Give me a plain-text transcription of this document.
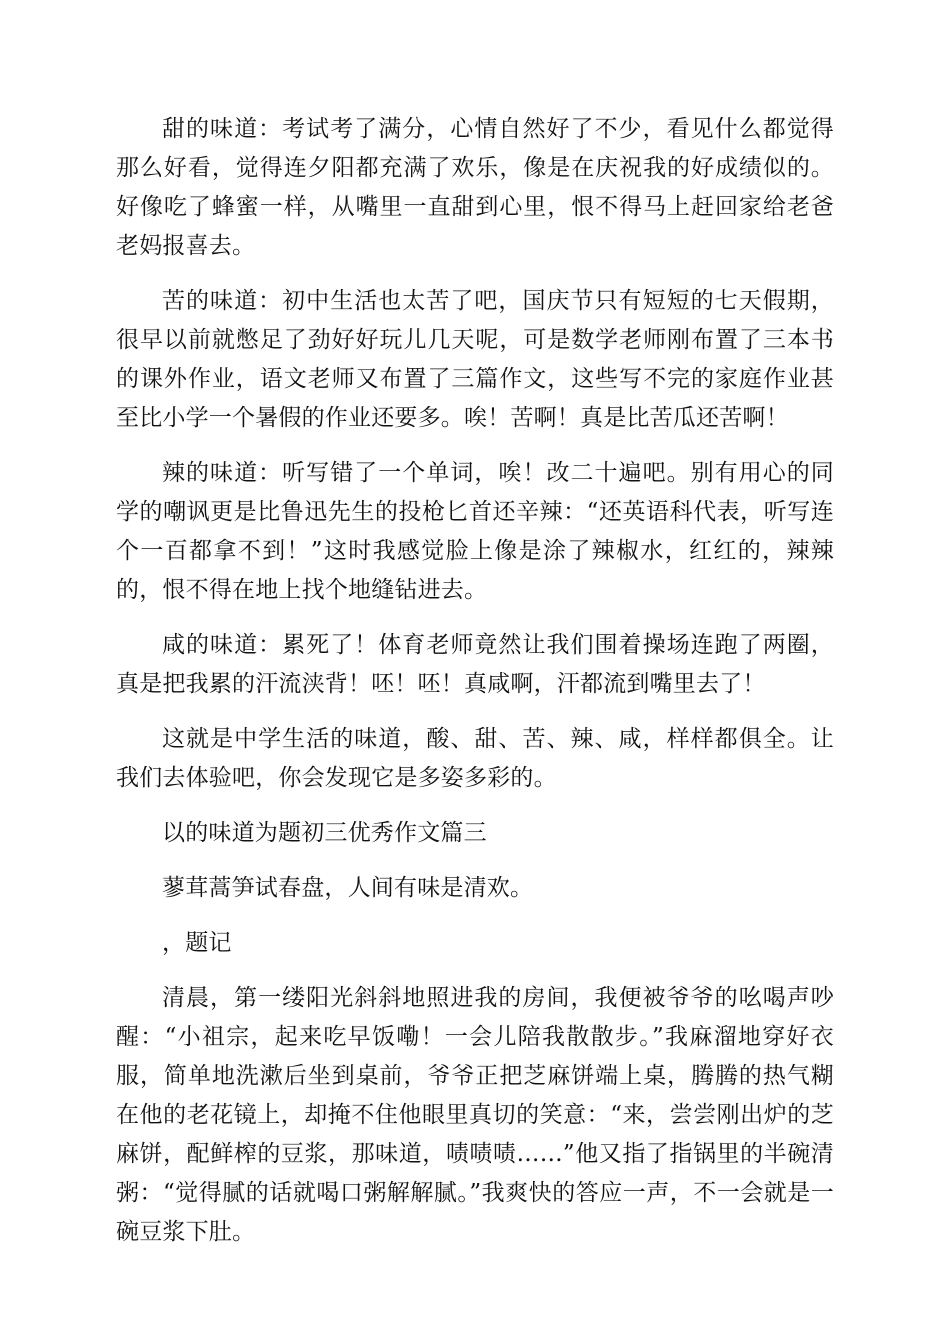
甜的味道：考试考了满分，心情自然好了不少，看见什么都觉得那么好看，觉得连夕阳都充满了欢乐，像是在庆祝我的好成绩似的。好像吃了蜂蜜一样，从嘴里一直甜到心里，恨不得马上赶回家给老爸老妈报喜去。

苦的味道：初中生活也太苦了吧，国庆节只有短短的七天假期，很早以前就憋足了劲好好玩儿几天呢，可是数学老师刚布置了三本书的课外作业，语文老师又布置了三篇作文，这些写不完的家庭作业甚至比小学一个暑假的作业还要多。唉！苦啊！真是比苦瓜还苦啊！

辣的味道：听写错了一个单词，唉！改二十遍吧。别有用心的同学的嘲讽更是比鲁迅先生的投枪匕首还辛辣：“还英语科代表，听写连个一百都拿不到！”这时我感觉脸上像是涂了辣椒水，红红的，辣辣的，恨不得在地上找个地缝钻进去。

咸的味道：累死了！体育老师竟然让我们围着操场连跑了两圈，真是把我累的汗流浃背！呸！呸！真咸啊，汗都流到嘴里去了！

这就是中学生活的味道，酸、甜、苦、辣、咸，样样都俱全。让我们去体验吧，你会发现它是多姿多彩的。

以的味道为题初三优秀作文篇三

蓼茸蒿笋试春盘，人间有味是清欢。

，题记

清晨，第一缕阳光斜斜地照进我的房间，我便被爷爷的吆喝声吵醒：“小祖宗，起来吃早饭嘞！一会儿陪我散散步。”我麻溜地穿好衣服，简单地洗漱后坐到桌前，爷爷正把芝麻饼端上桌，腾腾的热气糊在他的老花镜上，却掩不住他眼里真切的笑意：“来，尝尝刚出炉的芝麻饼，配鲜榨的豆浆，那味道，啧啧啧……”他又指了指锅里的半碗清粥：“觉得腻的话就喝口粥解解腻。”我爽快的答应一声，不一会就是一碗豆浆下肚。
